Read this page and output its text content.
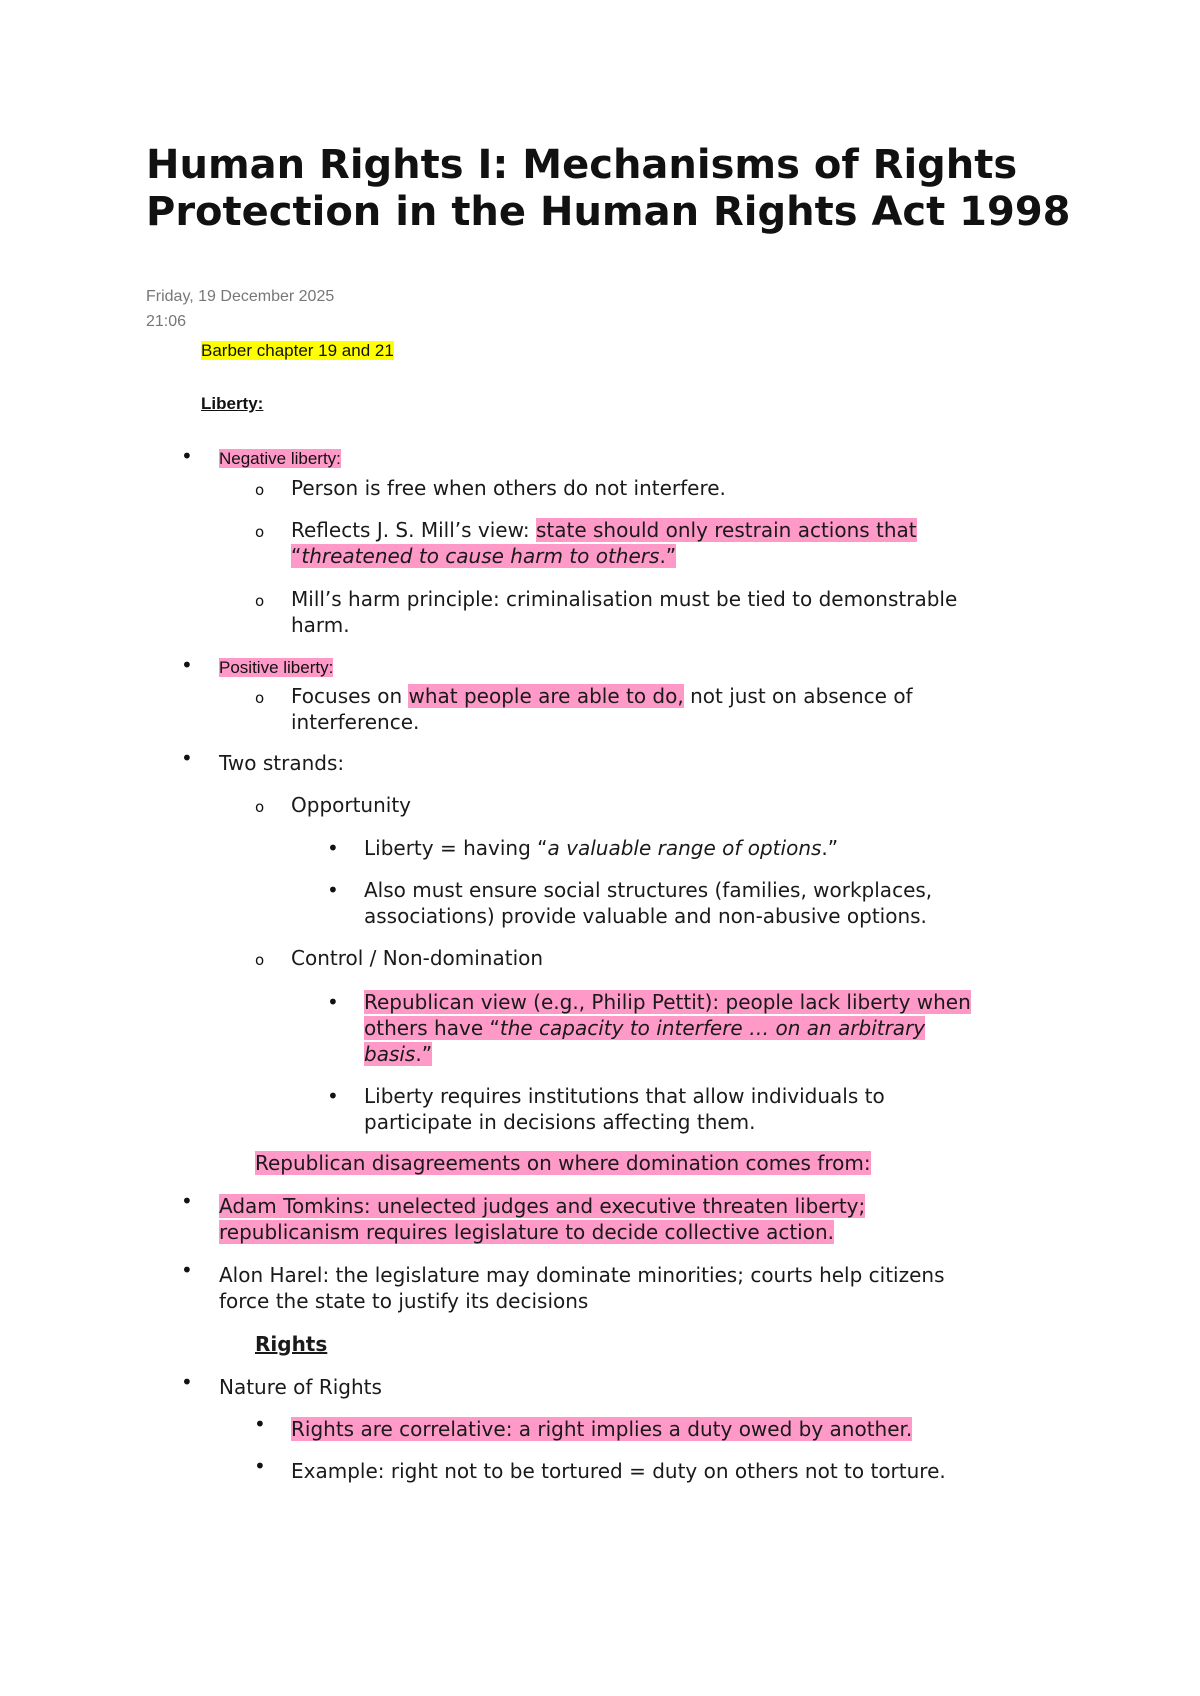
Human Rights I: Mechanisms of Rights Protection in the Human Rights Act 1998
Friday, 19 December 2025
21:06
Barber chapter 19 and 21
Liberty:
• Negative liberty:
o Person is free when others do not interfere.
o Reflects J. S. Mill’s view: state should only restrain actions that
“threatened to cause harm to others.”
o Mill’s harm principle: criminalisation must be tied to demonstrable
harm.
• Positive liberty:
o Focuses on what people are able to do, not just on absence of
interference.
• Two strands:
o Opportunity
• Liberty = having “a valuable range of options.”
• Also must ensure social structures (families, workplaces,
associations) provide valuable and non-abusive options.
o Control / Non-domination
• Republican view (e.g., Philip Pettit): people lack liberty when
others have “the capacity to interfere … on an arbitrary
basis.”
• Liberty requires institutions that allow individuals to
participate in decisions affecting them.
Republican disagreements on where domination comes from:
• Adam Tomkins: unelected judges and executive threaten liberty;
republicanism requires legislature to decide collective action.
• Alon Harel: the legislature may dominate minorities; courts help citizens
force the state to justify its decisions
Rights
• Nature of Rights
• Rights are correlative: a right implies a duty owed by another.
• Example: right not to be tortured = duty on others not to torture.
